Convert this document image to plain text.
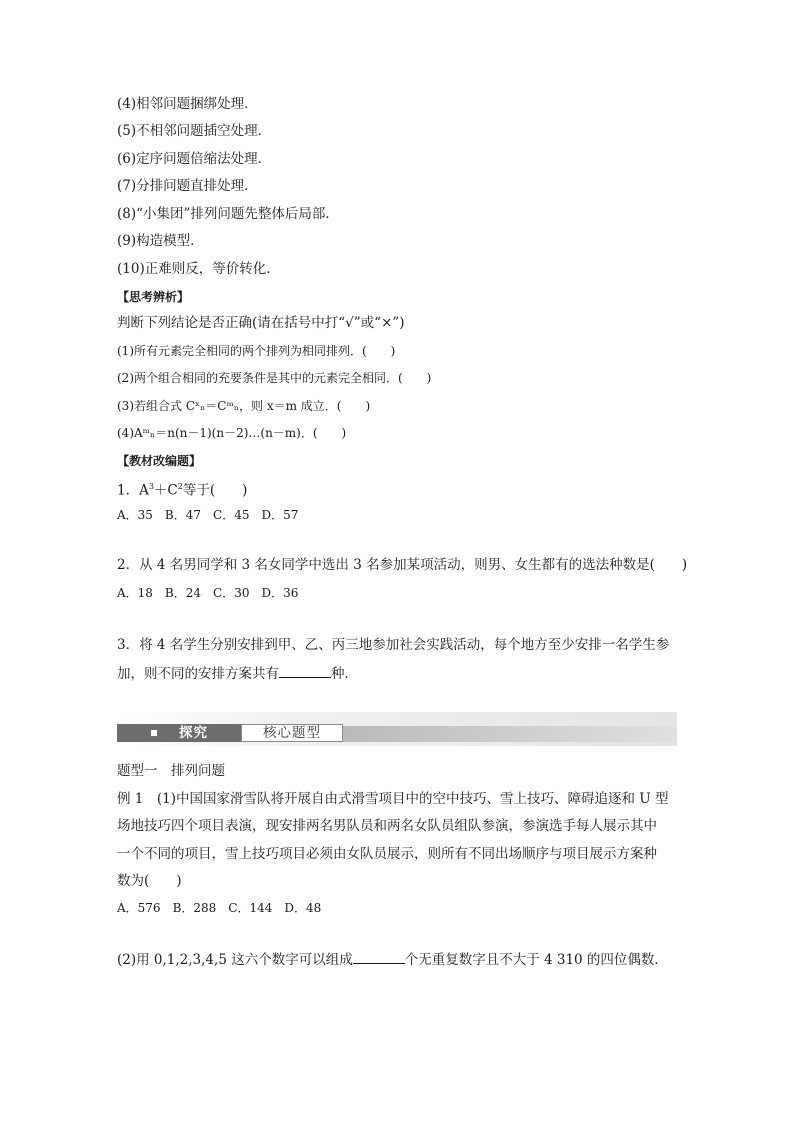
(4)相邻问题捆绑处理．
(5)不相邻问题插空处理．
(6)定序问题倍缩法处理．
(7)分排问题直排处理．
(8)“小集团”排列问题先整体后局部．
(9)构造模型．
(10)正难则反，等价转化．
【思考辨析】
判断下列结论是否正确(请在括号中打“√”或“×”)
(1)所有元素完全相同的两个排列为相同排列．(　　)
(2)两个组合相同的充要条件是其中的元素完全相同．(　　)
(3)若组合式 Cˣₙ＝Cᵐₙ，则 x＝m 成立．(　　)
(4)Aᵐₙ＝n(n－1)(n－2)…(n－m)．(　　)
【教材改编题】
1．$A^3+C^2$等于(　　)
A．35　B．47　C．45　D．57
2．从 4 名男同学和 3 名女同学中选出 3 名参加某项活动，则男、女生都有的选法种数是(　　)
A．18　B．24　C．30　D．36
3．将 4 名学生分别安排到甲、乙、丙三地参加社会实践活动，每个地方至少安排一名学生参
加，则不同的安排方案共有	种．
探究	核心题型
题型一　排列问题
例 1　(1)中国国家滑雪队将开展自由式滑雪项目中的空中技巧、雪上技巧、障碍追逐和 U 型
场地技巧四个项目表演，现安排两名男队员和两名女队员组队参演，参演选手每人展示其中
一个不同的项目，雪上技巧项目必须由女队员展示，则所有不同出场顺序与项目展示方案种
数为(　　)
A．576　B．288　C．144　D．48
(2)用 0,1,2,3,4,5 这六个数字可以组成	个无重复数字且不大于 4 310 的四位偶数．
